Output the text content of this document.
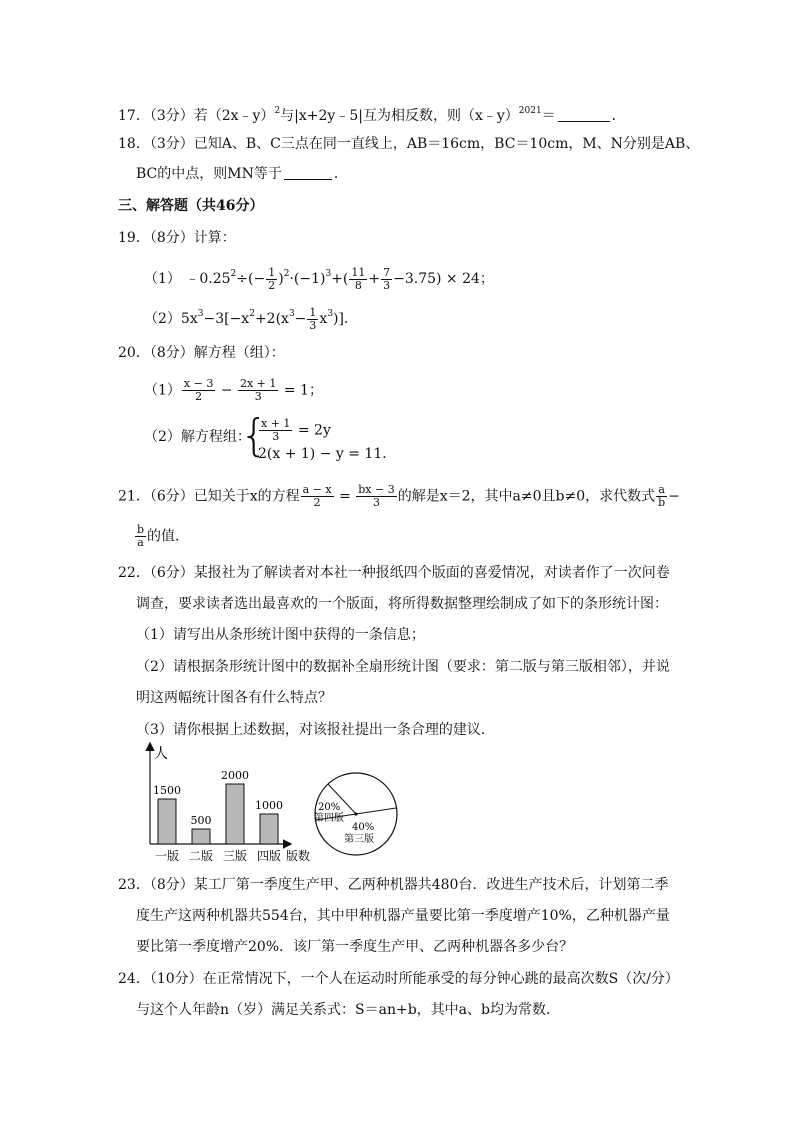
17．（3分）若（2x﹣y）$^2$与|x+2y﹣5|互为相反数，则（x﹣y）$^{2021}$＝	．
18．（3分）已知A、B、C三点在同一直线上，AB＝16cm，BC＝10cm，M、N分别是AB、
BC的中点，则MN等于	．
三、解答题（共46分）
19．（8分）计算：
（1） $﹣0.25^2\div(- \frac{1}{2} )^2\cdot(-1)^3+( \frac{11}{8} + \frac{7}{3} -3.75) \times 24$；
$(2)5x^3-3[-x^2+2(x^3- \frac{1}{3} x^3)]$．
20．（8分）解方程（组）：
$(1) \frac{x - 3}{2} - \frac{2x + 1}{3} = 1$；
（2）解方程组：
{
$\frac{x + 1}{3} = 2y$
2(x + 1) − y = 11．
21．（6分）已知关于x的方程 $\frac{a - x}{2} = \frac{bx - 3}{3}$ 的解是x＝2，其中a≠0且b≠0，求代数式 $\frac{a}{b}$ −
$\frac{b}{a}$ 的值．
22．（6分）某报社为了解读者对本社一种报纸四个版面的喜爱情况，对读者作了一次问卷
调查，要求读者选出最喜欢的一个版面，将所得数据整理绘制成了如下的条形统计图：
（1）请写出从条形统计图中获得的一条信息；
（2）请根据条形统计图中的数据补全扇形统计图（要求：第二版与第三版相邻），并说
明这两幅统计图各有什么特点？
（3）请你根据上述数据，对该报社提出一条合理的建议．
人
版数
1500
一版
500
二版
2000
三版
1000
四版
20%
第四版
40%
第三版
23．（8分）某工厂第一季度生产甲、乙两种机器共480台．改进生产技术后，计划第二季
度生产这两种机器共554台，其中甲种机器产量要比第一季度增产10%，乙种机器产量
要比第一季度增产20%．该厂第一季度生产甲、乙两种机器各多少台？
24．（10分）在正常情况下，一个人在运动时所能承受的每分钟心跳的最高次数S（次/分）
与这个人年龄n（岁）满足关系式：S＝an+b，其中a、b均为常数．
